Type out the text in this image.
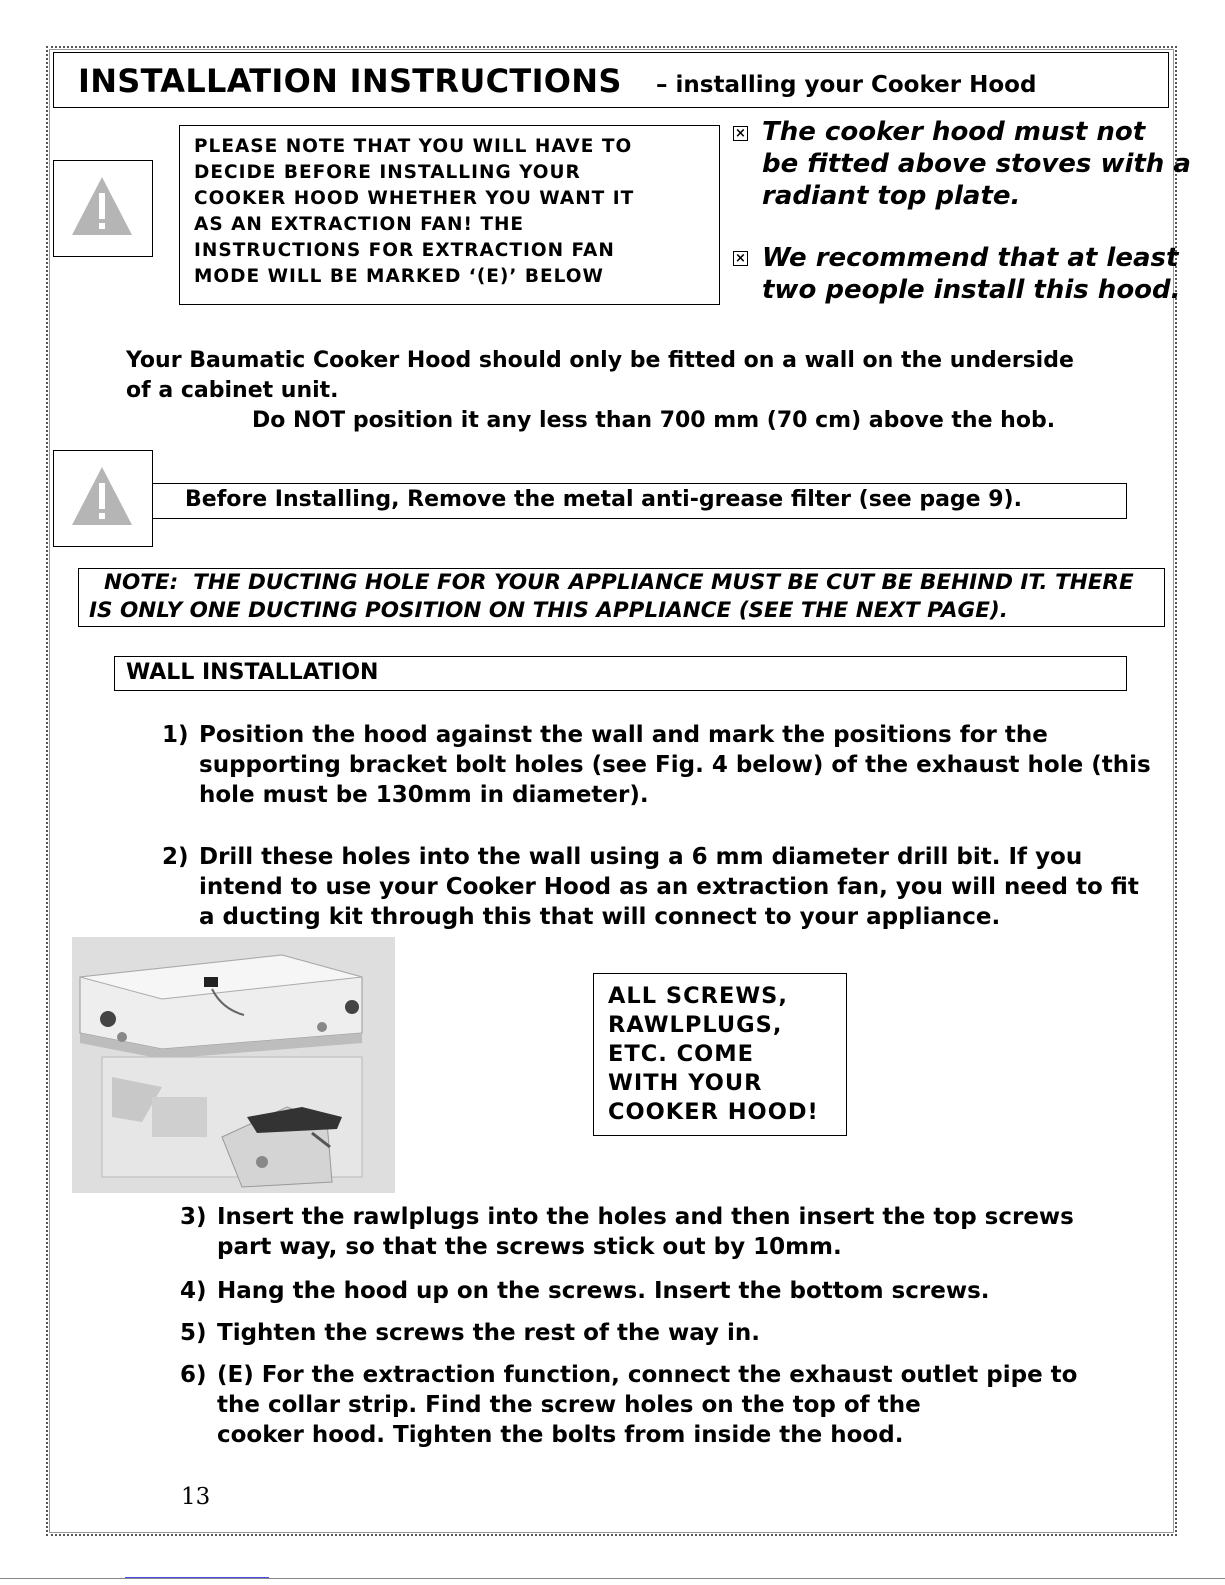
INSTALLATION INSTRUCTIONS – installing your Cooker Hood
PLEASE NOTE THAT YOU WILL HAVE TO
DECIDE BEFORE INSTALLING YOUR
COOKER HOOD WHETHER YOU WANT IT
AS AN EXTRACTION FAN! THE
INSTRUCTIONS FOR EXTRACTION FAN
MODE WILL BE MARKED ‘(E)’ BELOW
× The cooker hood must not
be fitted above stoves with a
radiant top plate.
× We recommend that at least
two people install this hood.
Your Baumatic Cooker Hood should only be fitted on a wall on the underside
of a cabinet unit.
Do NOT position it any less than 700 mm (70 cm) above the hob.
Before Installing, Remove the metal anti-grease filter (see page 9).
NOTE:  THE DUCTING HOLE FOR YOUR APPLIANCE MUST BE CUT BE BEHIND IT. THERE
IS ONLY ONE DUCTING POSITION ON THIS APPLIANCE (SEE THE NEXT PAGE).
WALL INSTALLATION
1) Position the hood against the wall and mark the positions for the
supporting bracket bolt holes (see Fig. 4 below) of the exhaust hole (this
hole must be 130mm in diameter).
2) Drill these holes into the wall using a 6 mm diameter drill bit. If you
intend to use your Cooker Hood as an extraction fan, you will need to fit
a ducting kit through this that will connect to your appliance.
ALL SCREWS,
RAWLPLUGS,
ETC. COME
WITH YOUR
COOKER HOOD!
3) Insert the rawlplugs into the holes and then insert the top screws
part way, so that the screws stick out by 10mm.
4) Hang the hood up on the screws. Insert the bottom screws.
5) Tighten the screws the rest of the way in.
6) (E) For the extraction function, connect the exhaust outlet pipe to
the collar strip. Find the screw holes on the top of the
cooker hood. Tighten the bolts from inside the hood.
13
